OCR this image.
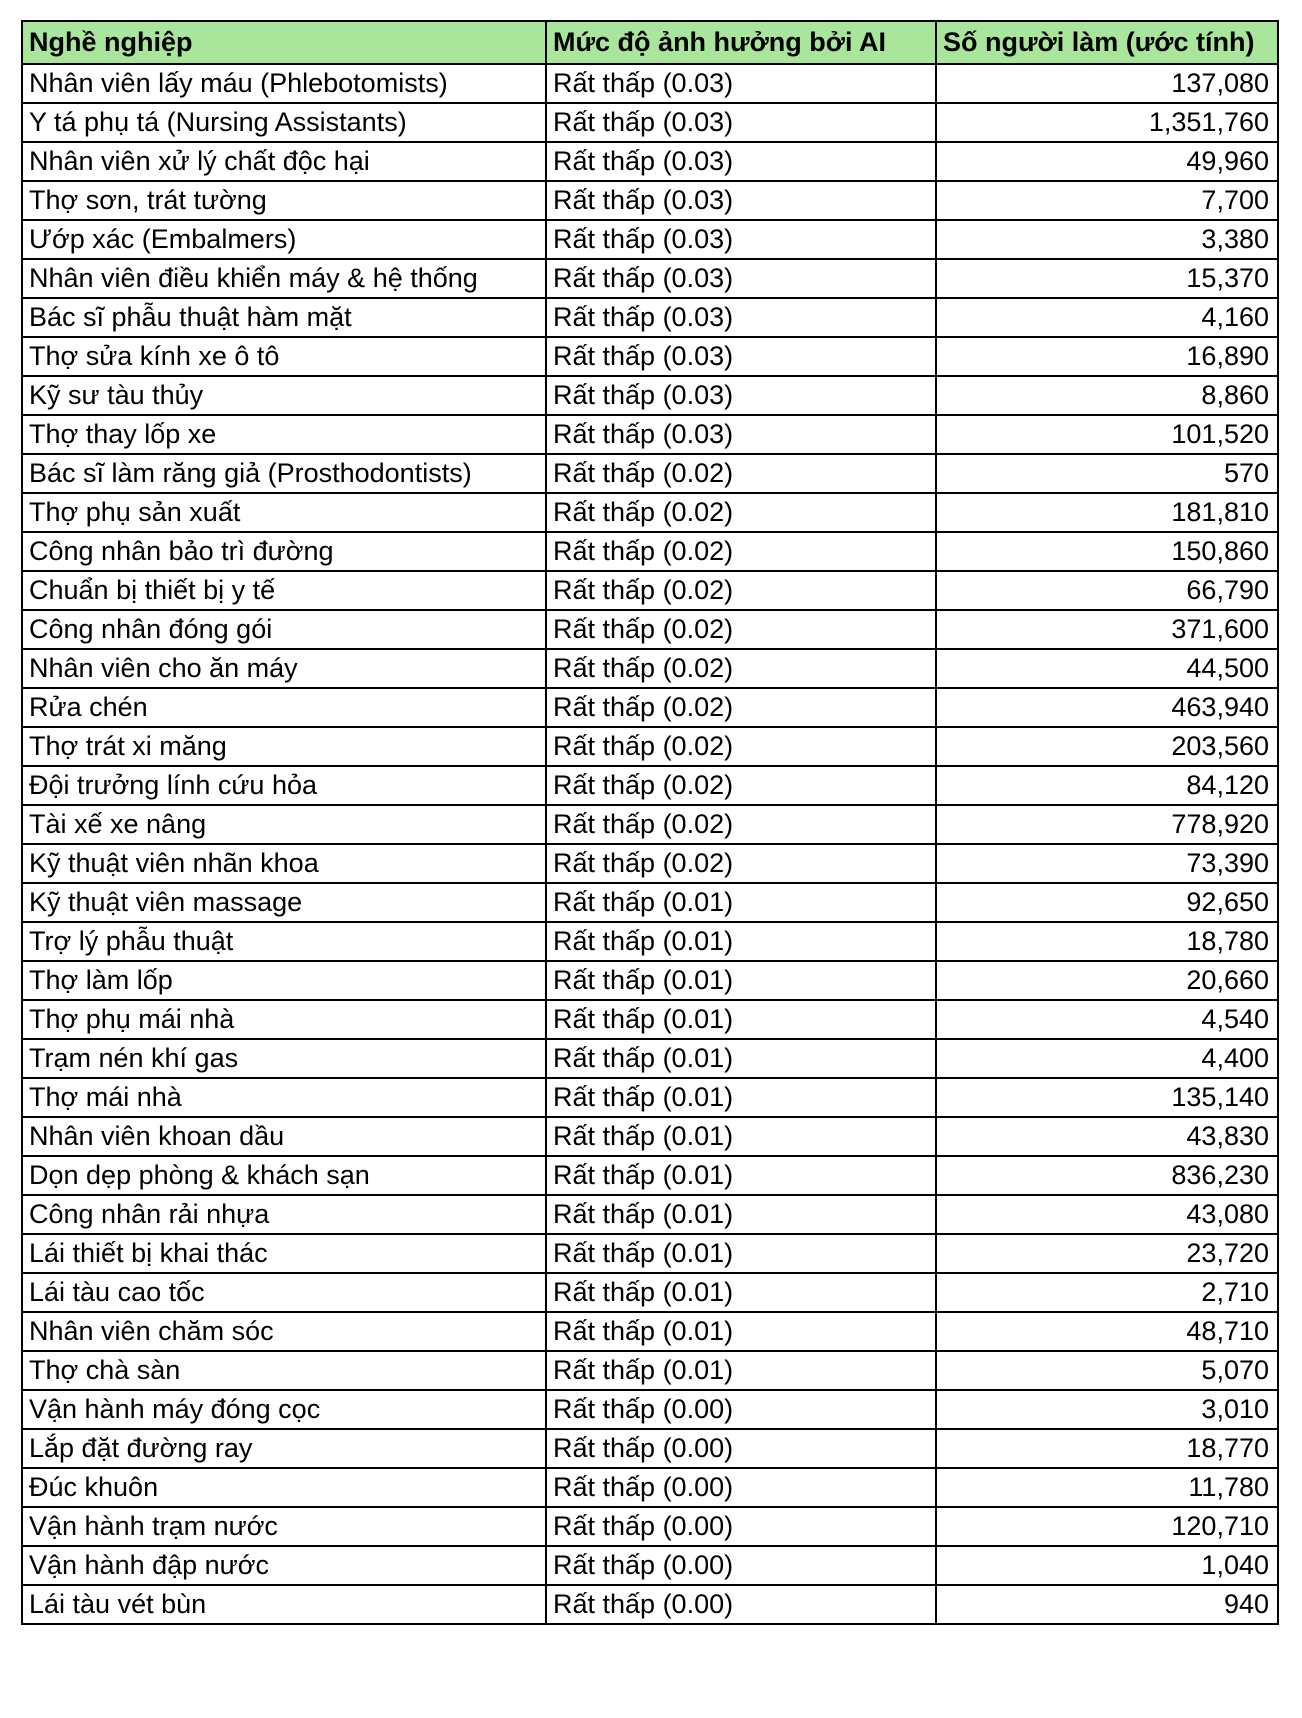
Nghề nghiệp	Mức độ ảnh hưởng bởi AI	Số người làm (ước tính)
Nhân viên lấy máu (Phlebotomists)	Rất thấp (0.03)	137,080
Y tá phụ tá (Nursing Assistants)	Rất thấp (0.03)	1,351,760
Nhân viên xử lý chất độc hại	Rất thấp (0.03)	49,960
Thợ sơn, trát tường	Rất thấp (0.03)	7,700
Ướp xác (Embalmers)	Rất thấp (0.03)	3,380
Nhân viên điều khiển máy & hệ thống	Rất thấp (0.03)	15,370
Bác sĩ phẫu thuật hàm mặt	Rất thấp (0.03)	4,160
Thợ sửa kính xe ô tô	Rất thấp (0.03)	16,890
Kỹ sư tàu thủy	Rất thấp (0.03)	8,860
Thợ thay lốp xe	Rất thấp (0.03)	101,520
Bác sĩ làm răng giả (Prosthodontists)	Rất thấp (0.02)	570
Thợ phụ sản xuất	Rất thấp (0.02)	181,810
Công nhân bảo trì đường	Rất thấp (0.02)	150,860
Chuẩn bị thiết bị y tế	Rất thấp (0.02)	66,790
Công nhân đóng gói	Rất thấp (0.02)	371,600
Nhân viên cho ăn máy	Rất thấp (0.02)	44,500
Rửa chén	Rất thấp (0.02)	463,940
Thợ trát xi măng	Rất thấp (0.02)	203,560
Đội trưởng lính cứu hỏa	Rất thấp (0.02)	84,120
Tài xế xe nâng	Rất thấp (0.02)	778,920
Kỹ thuật viên nhãn khoa	Rất thấp (0.02)	73,390
Kỹ thuật viên massage	Rất thấp (0.01)	92,650
Trợ lý phẫu thuật	Rất thấp (0.01)	18,780
Thợ làm lốp	Rất thấp (0.01)	20,660
Thợ phụ mái nhà	Rất thấp (0.01)	4,540
Trạm nén khí gas	Rất thấp (0.01)	4,400
Thợ mái nhà	Rất thấp (0.01)	135,140
Nhân viên khoan dầu	Rất thấp (0.01)	43,830
Dọn dẹp phòng & khách sạn	Rất thấp (0.01)	836,230
Công nhân rải nhựa	Rất thấp (0.01)	43,080
Lái thiết bị khai thác	Rất thấp (0.01)	23,720
Lái tàu cao tốc	Rất thấp (0.01)	2,710
Nhân viên chăm sóc	Rất thấp (0.01)	48,710
Thợ chà sàn	Rất thấp (0.01)	5,070
Vận hành máy đóng cọc	Rất thấp (0.00)	3,010
Lắp đặt đường ray	Rất thấp (0.00)	18,770
Đúc khuôn	Rất thấp (0.00)	11,780
Vận hành trạm nước	Rất thấp (0.00)	120,710
Vận hành đập nước	Rất thấp (0.00)	1,040
Lái tàu vét bùn	Rất thấp (0.00)	940
